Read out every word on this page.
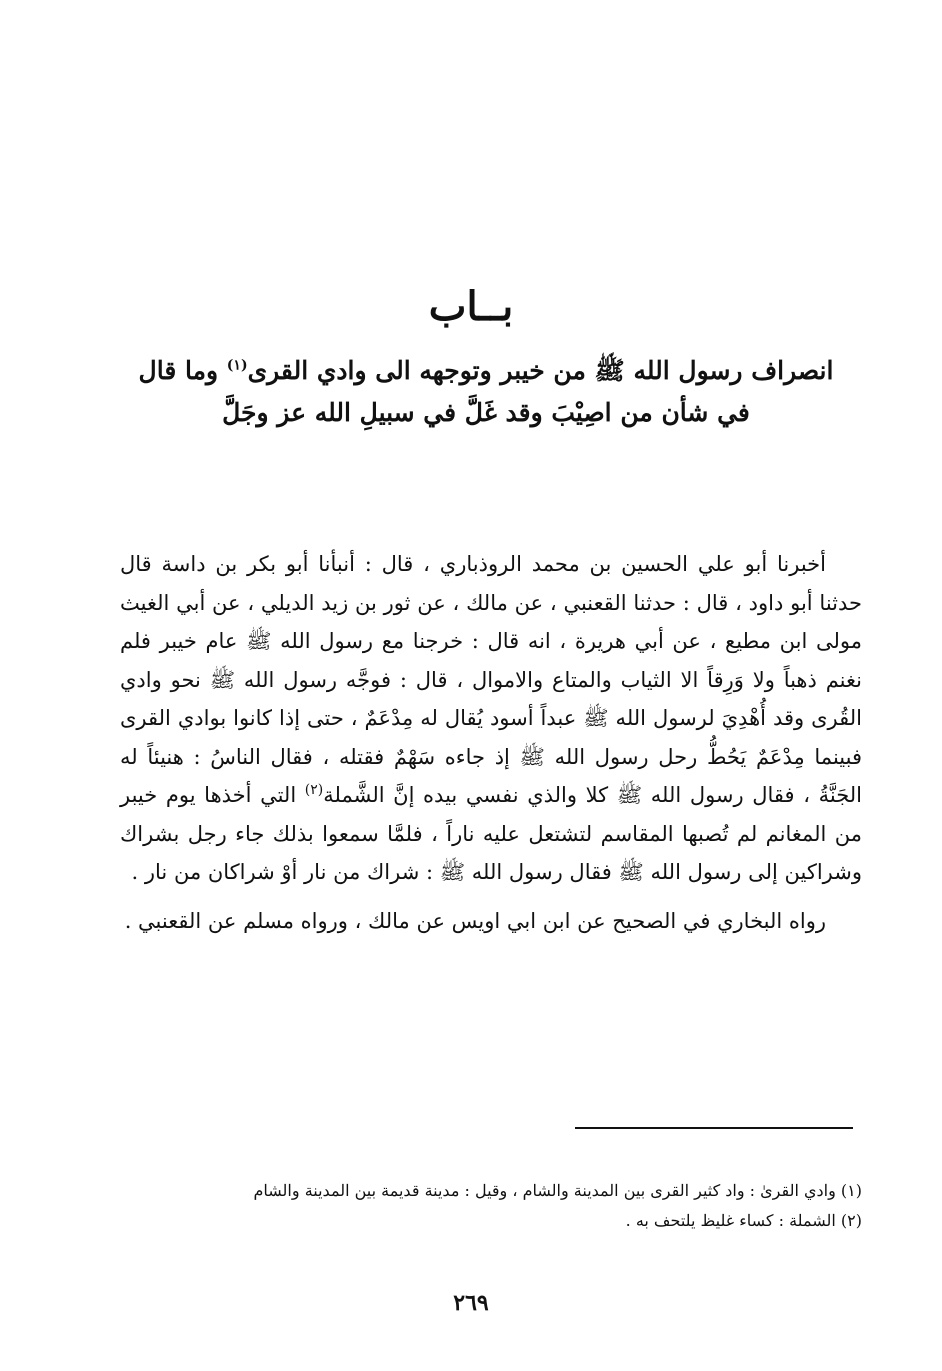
بــاب
انصراف رسول الله ﷺ من خيبر وتوجهه الى وادي القرى$^{(١)}$ وما قال
في شأن من اصِيْبَ وقد غَلَّ في سبيلِ الله عز وجَلَّ

أخبرنا أبو علي الحسين بن محمد الروذباري ، قال : أنبأنا أبو بكر بن داسة قال حدثنا أبو داود ، قال : حدثنا القعنبي ، عن مالك ، عن ثور بن زيد الديلي ، عن أبي الغيث مولى ابن مطيع ، عن أبي هريرة ، انه قال : خرجنا مع رسول الله ﷺ عام خيبر فلم نغنم ذهباً ولا وَرِقاً الا الثياب والمتاع والاموال ، قال : فوجَّه رسول الله ﷺ نحو وادي القُرى وقد أُهْدِيَ لرسول الله ﷺ عبداً أسود يُقال له مِدْعَمٌ ، حتى إذا كانوا بوادي القرى فبينما مِدْعَمٌ يَحُطُّ رحل رسول الله ﷺ إذ جاءه سَهْمٌ فقتله ، فقال الناسُ : هنيئاً له الجَنَّةُ ، فقال رسول الله ﷺ كلا والذي نفسي بيده إنَّ الشَّملة$^{(٢)}$ التي أخذها يوم خيبر من المغانم لم تُصبها المقاسم لتشتعل عليه ناراً ، فلمَّا سمعوا بذلك جاء رجل بشراك وشراكين إلى رسول الله ﷺ فقال رسول الله ﷺ : شراك من نار أوْ شراكان من نار .

رواه البخاري في الصحيح عن ابن ابي اويس عن مالك ، ورواه مسلم عن القعنبي .

(١) وادي القرىٰ : واد كثير القرى بين المدينة والشام ، وقيل : مدينة قديمة بين المدينة والشام

(٢) الشملة : كساء غليظ يلتحف به .

٢٦٩
